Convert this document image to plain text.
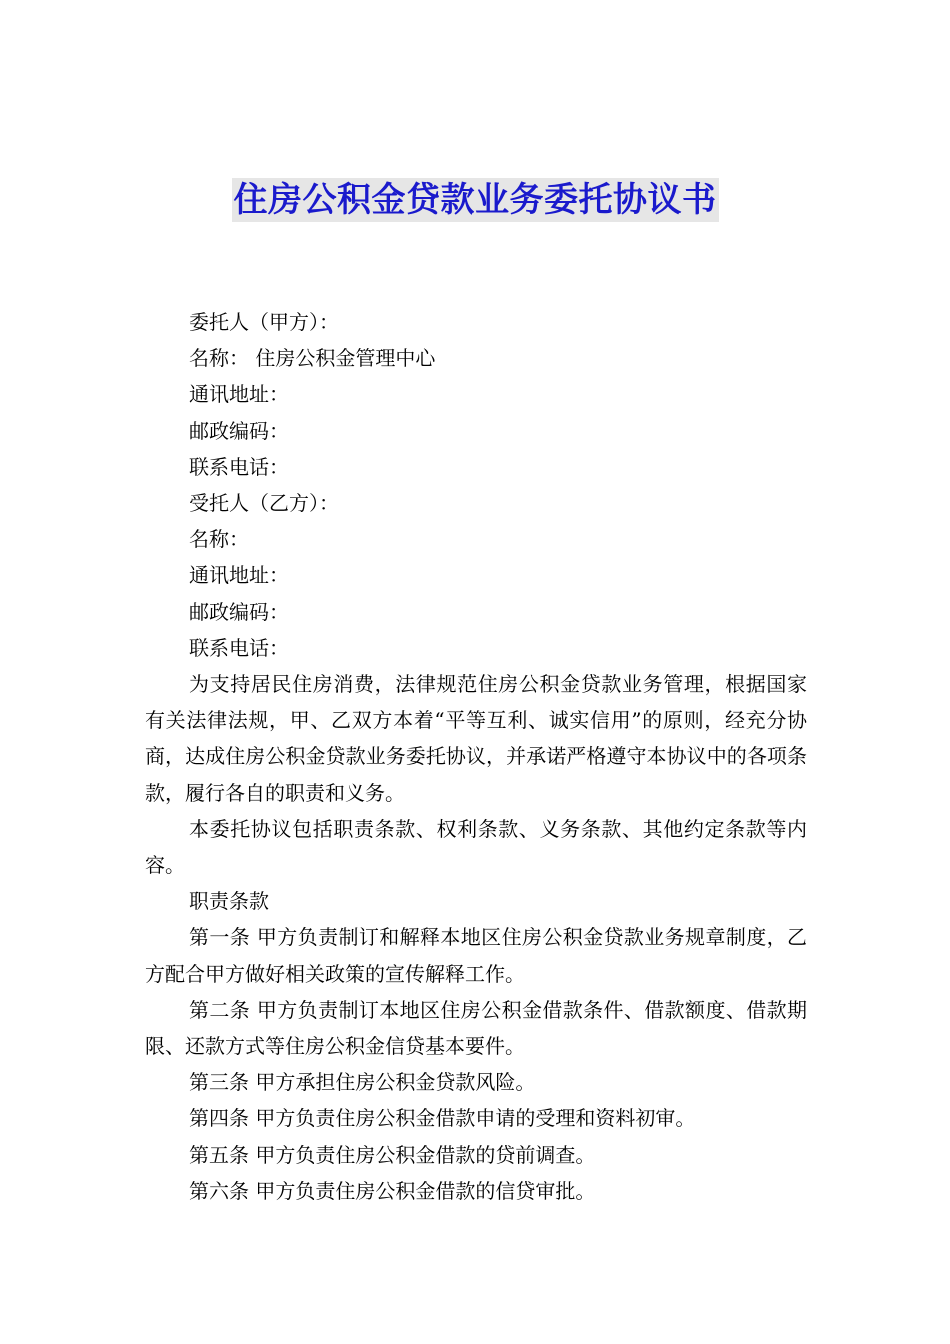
住房公积金贷款业务委托协议书
委托人（甲方）：
名称： 住房公积金管理中心
通讯地址：
邮政编码：
联系电话：
受托人（乙方）：
名称：
通讯地址：
邮政编码：
联系电话：
为支持居民住房消费，法律规范住房公积金贷款业务管理，根据国家有关法律法规，甲、乙双方本着“平等互利、诚实信用”的原则，经充分协商，达成住房公积金贷款业务委托协议，并承诺严格遵守本协议中的各项条款，履行各自的职责和义务。
本委托协议包括职责条款、权利条款、义务条款、其他约定条款等内容。
职责条款
第一条 甲方负责制订和解释本地区住房公积金贷款业务规章制度，乙方配合甲方做好相关政策的宣传解释工作。
第二条 甲方负责制订本地区住房公积金借款条件、借款额度、借款期限、还款方式等住房公积金信贷基本要件。
第三条 甲方承担住房公积金贷款风险。
第四条 甲方负责住房公积金借款申请的受理和资料初审。
第五条 甲方负责住房公积金借款的贷前调查。
第六条 甲方负责住房公积金借款的信贷审批。
